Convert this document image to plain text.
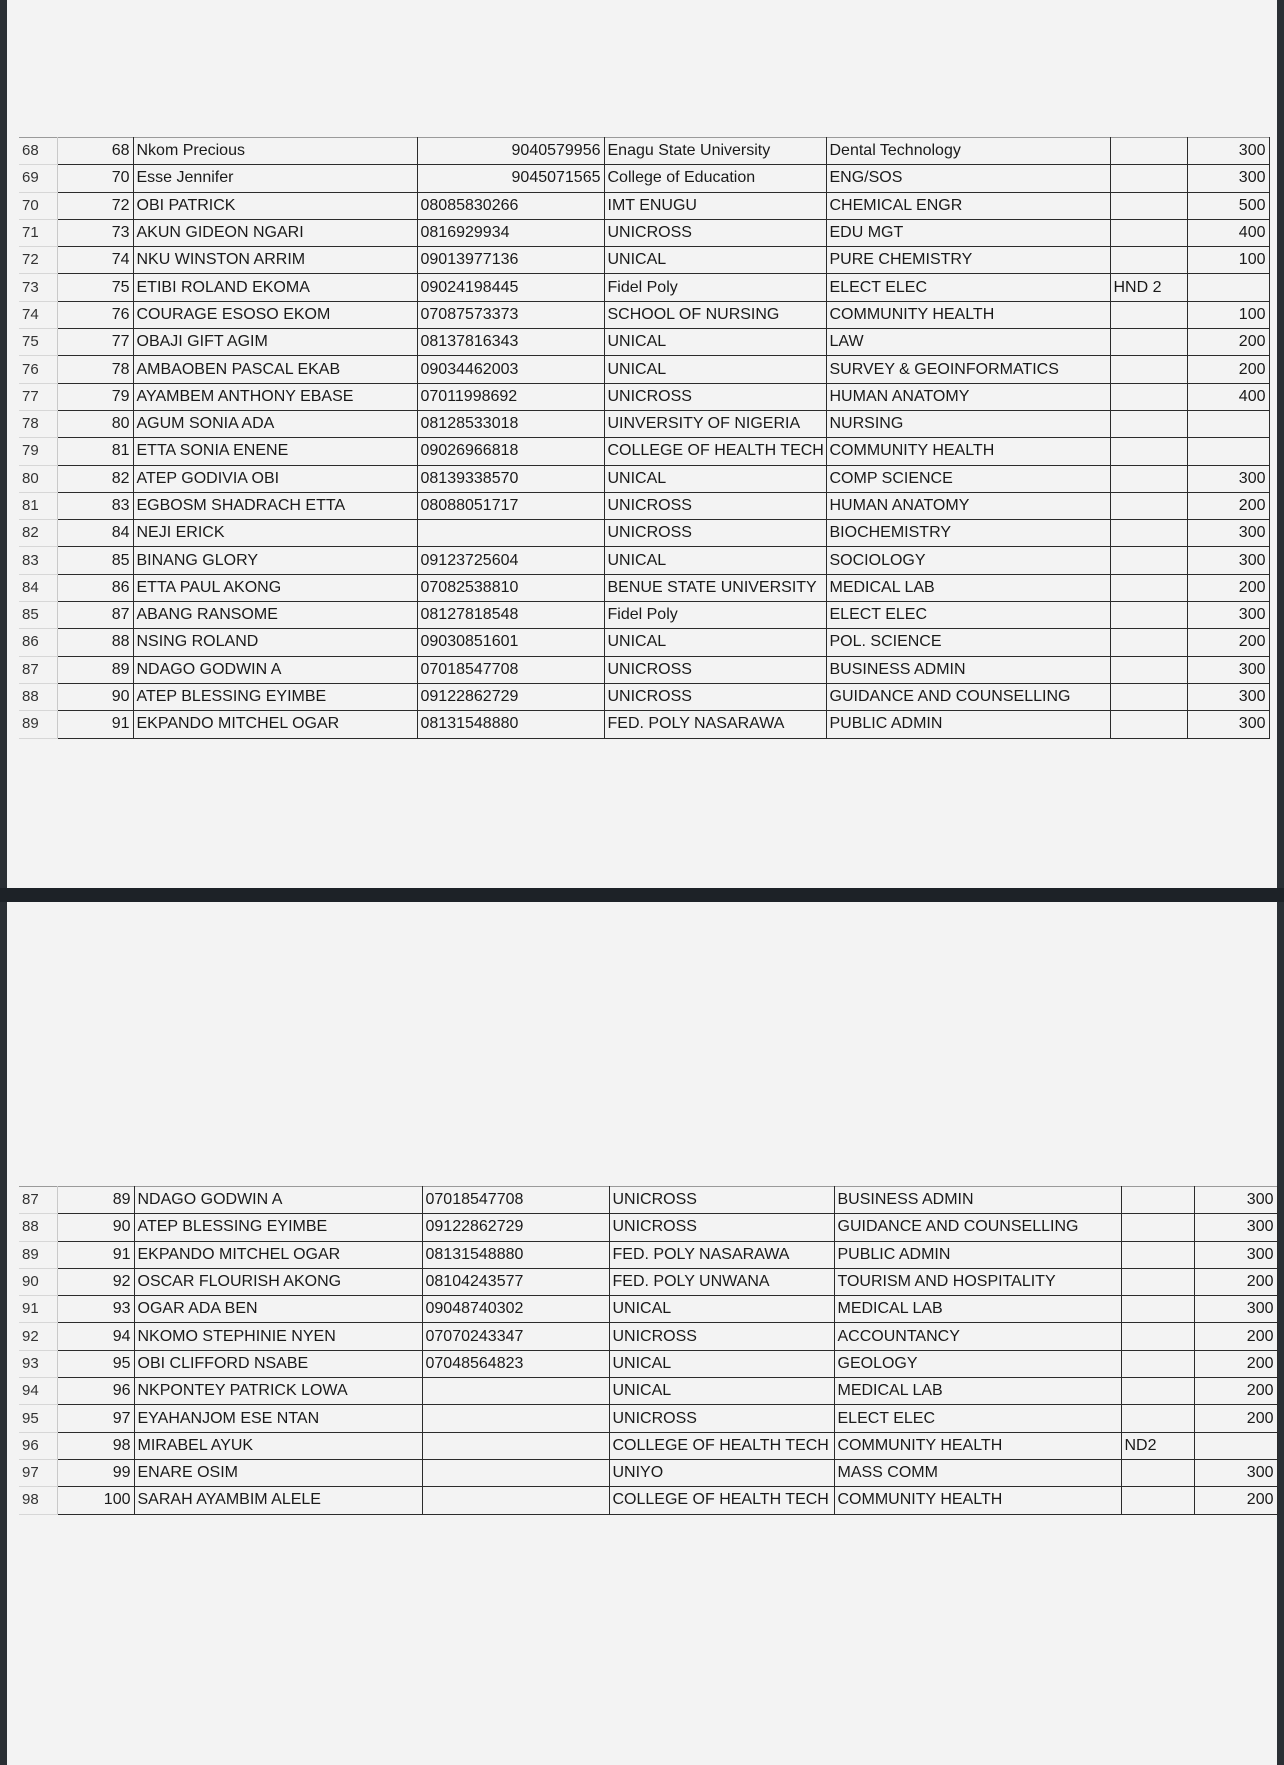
68	68	Nkom Precious	9040579956	Enagu State University	Dental Technology		300
69	70	Esse Jennifer	9045071565	College of Education	ENG/SOS		300
70	72	OBI PATRICK	08085830266	IMT ENUGU	CHEMICAL ENGR		500
71	73	AKUN GIDEON NGARI	0816929934	UNICROSS	EDU MGT		400
72	74	NKU WINSTON ARRIM	09013977136	UNICAL	PURE CHEMISTRY		100
73	75	ETIBI ROLAND EKOMA	09024198445	Fidel Poly	ELECT ELEC	HND 2	
74	76	COURAGE ESOSO EKOM	07087573373	SCHOOL OF NURSING	COMMUNITY HEALTH		100
75	77	OBAJI GIFT AGIM	08137816343	UNICAL	LAW		200
76	78	AMBAOBEN PASCAL EKAB	09034462003	UNICAL	SURVEY & GEOINFORMATICS		200
77	79	AYAMBEM ANTHONY EBASE	07011998692	UNICROSS	HUMAN ANATOMY		400
78	80	AGUM SONIA ADA	08128533018	UINVERSITY OF NIGERIA	NURSING		
79	81	ETTA SONIA ENENE	09026966818	COLLEGE OF HEALTH TECH	COMMUNITY HEALTH		
80	82	ATEP GODIVIA OBI	08139338570	UNICAL	COMP SCIENCE		300
81	83	EGBOSM SHADRACH ETTA	08088051717	UNICROSS	HUMAN ANATOMY		200
82	84	NEJI ERICK		UNICROSS	BIOCHEMISTRY		300
83	85	BINANG GLORY	09123725604	UNICAL	SOCIOLOGY		300
84	86	ETTA PAUL AKONG	07082538810	BENUE STATE UNIVERSITY	MEDICAL LAB		200
85	87	ABANG RANSOME	08127818548	Fidel Poly	ELECT ELEC		300
86	88	NSING ROLAND	09030851601	UNICAL	POL. SCIENCE		200
87	89	NDAGO GODWIN A	07018547708	UNICROSS	BUSINESS ADMIN		300
88	90	ATEP BLESSING EYIMBE	09122862729	UNICROSS	GUIDANCE AND COUNSELLING		300
89	91	EKPANDO MITCHEL OGAR	08131548880	FED. POLY NASARAWA	PUBLIC ADMIN		300
87	89	NDAGO GODWIN A	07018547708	UNICROSS	BUSINESS ADMIN		300
88	90	ATEP BLESSING EYIMBE	09122862729	UNICROSS	GUIDANCE AND COUNSELLING		300
89	91	EKPANDO MITCHEL OGAR	08131548880	FED. POLY NASARAWA	PUBLIC ADMIN		300
90	92	OSCAR FLOURISH AKONG	08104243577	FED. POLY UNWANA	TOURISM AND HOSPITALITY		200
91	93	OGAR ADA BEN	09048740302	UNICAL	MEDICAL LAB		300
92	94	NKOMO STEPHINIE NYEN	07070243347	UNICROSS	ACCOUNTANCY		200
93	95	OBI CLIFFORD NSABE	07048564823	UNICAL	GEOLOGY		200
94	96	NKPONTEY PATRICK LOWA		UNICAL	MEDICAL LAB		200
95	97	EYAHANJOM ESE NTAN		UNICROSS	ELECT ELEC		200
96	98	MIRABEL AYUK		COLLEGE OF HEALTH TECH	COMMUNITY HEALTH	ND2	
97	99	ENARE OSIM		UNIYO	MASS COMM		300
98	100	SARAH AYAMBIM ALELE		COLLEGE OF HEALTH TECH	COMMUNITY HEALTH		200
